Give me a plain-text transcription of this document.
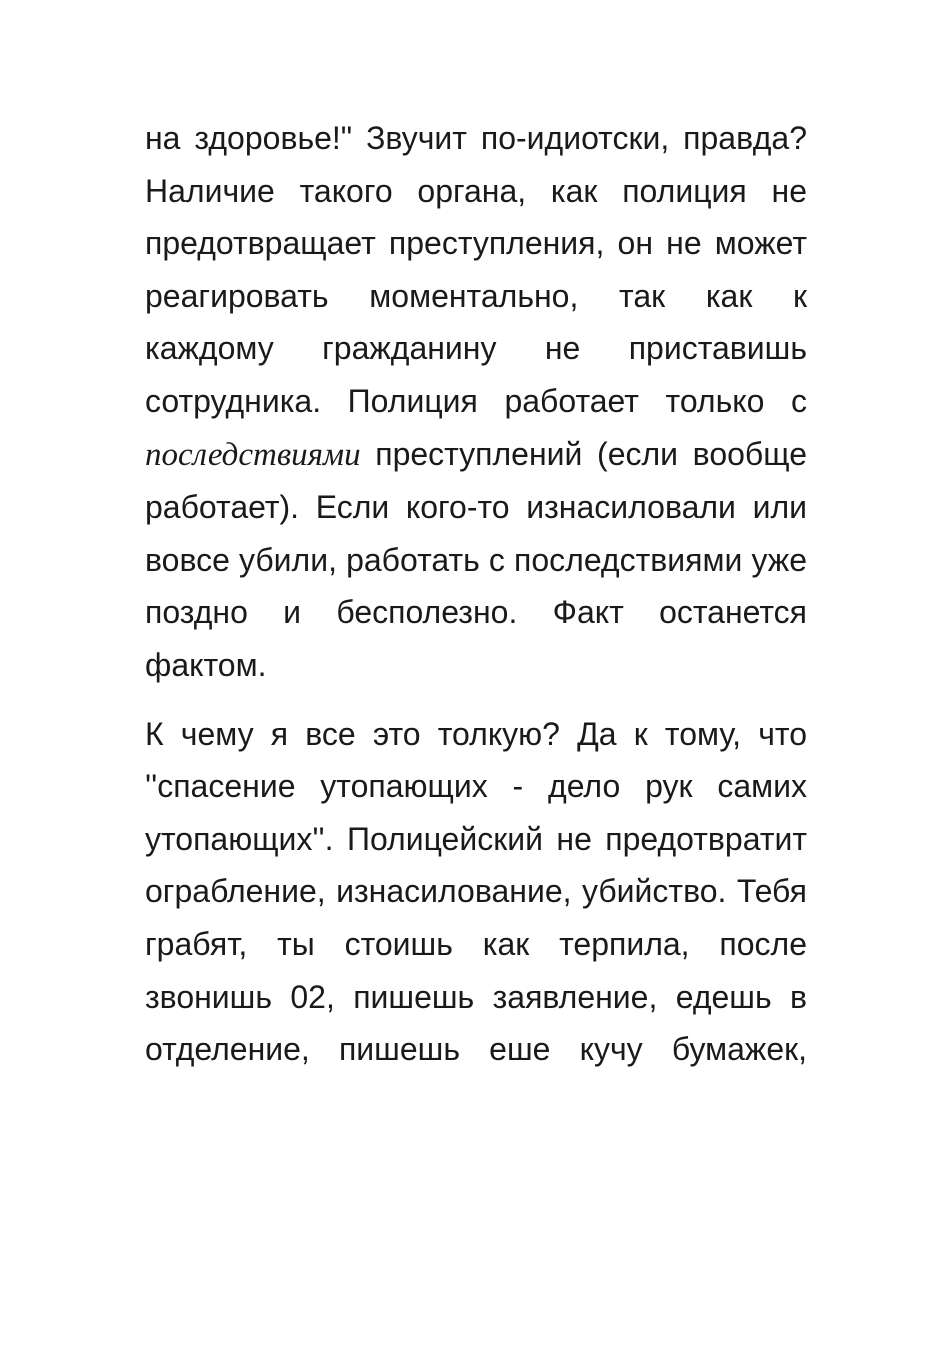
на здоровье!" Звучит по-идиотски, правда? Наличие такого органа, как полиция не предотвращает преступления, он не может реагировать моментально, так как к каждому гражданину не приставишь сотрудника. Полиция работает только с последствиями преступлений (если вообще работает). Если кого-то изнасиловали или вовсе убили, работать с последствиями уже поздно и бесполезно. Факт останется фактом.

К чему я все это толкую? Да к тому, что ''спасение утопающих - дело рук самих утопающих''. Полицейский не предотвратит ограбление, изнасилование, убийство. Тебя грабят, ты стоишь как терпила, после звонишь 02, пишешь заявление, едешь в отделение, пишешь еше кучу бумажек,
